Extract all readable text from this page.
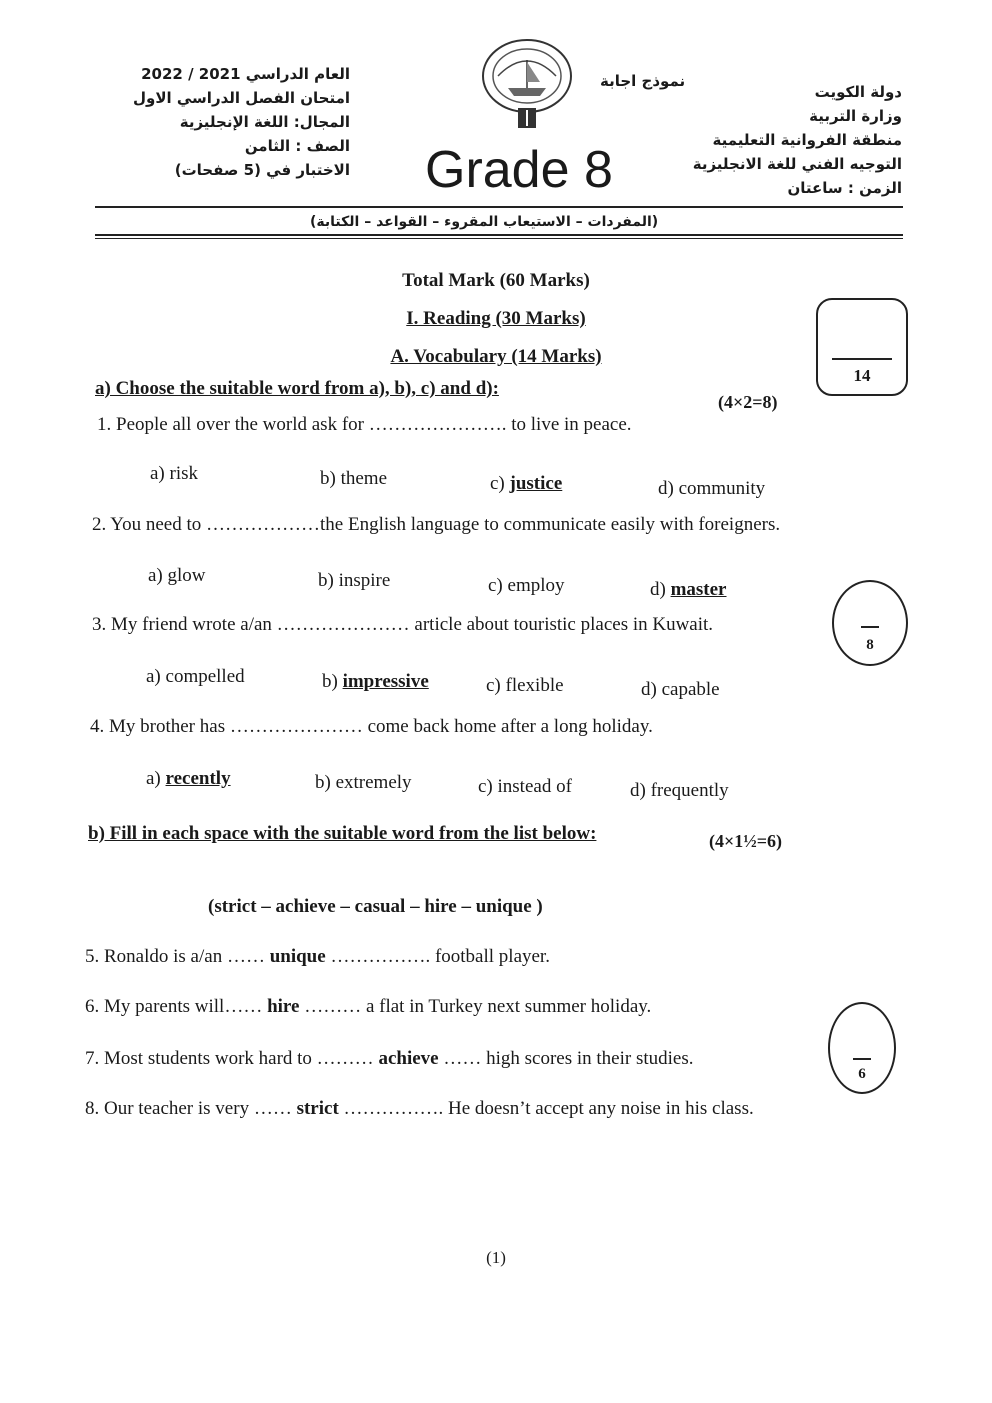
دولة الكويت
وزارة التربية
منطقة الفروانية التعليمية
التوجيه الفني للغة الانجليزية
الزمن : ساعتان
نموذج اجابة
العام الدراسي 2021 / 2022
امتحان الفصل الدراسي الاول
المجال: اللغة الإنجليزية
الصف : الثامن
الاختبار في (5 صفحات) Grade 8
(المفردات – الاستيعاب المقروء – القواعد – الكتابة)
Total Mark (60 Marks)
I. Reading (30 Marks)
A. Vocabulary (14 Marks)
14
a) Choose the suitable word from a), b), c) and d):
(4×2=8)
1. People all over the world ask for …………………. to live in peace.
a) risk	b) theme	c) justice	d) community
2. You need to ………………the English language to communicate easily with foreigners.
a) glow	b) inspire	c) employ	d) master
8
3. My friend wrote a/an ………………… article about touristic places in Kuwait.
a) compelled	b) impressive	c) flexible	d) capable
4. My brother has ………………… come back home after a long holiday.
a) recently	b) extremely	c) instead of	d) frequently
b) Fill in each space with the suitable word from the list below:	(4×1½=6)
(strict – achieve – casual – hire – unique )
5. Ronaldo is a/an …… unique ……………. football player.
6. My parents will…… hire ……… a flat in Turkey next summer holiday.
7. Most students work hard to ……… achieve …… high scores in their studies.
8. Our teacher is very …… strict ……………. He doesn’t accept any noise in his class.
6
(1)
